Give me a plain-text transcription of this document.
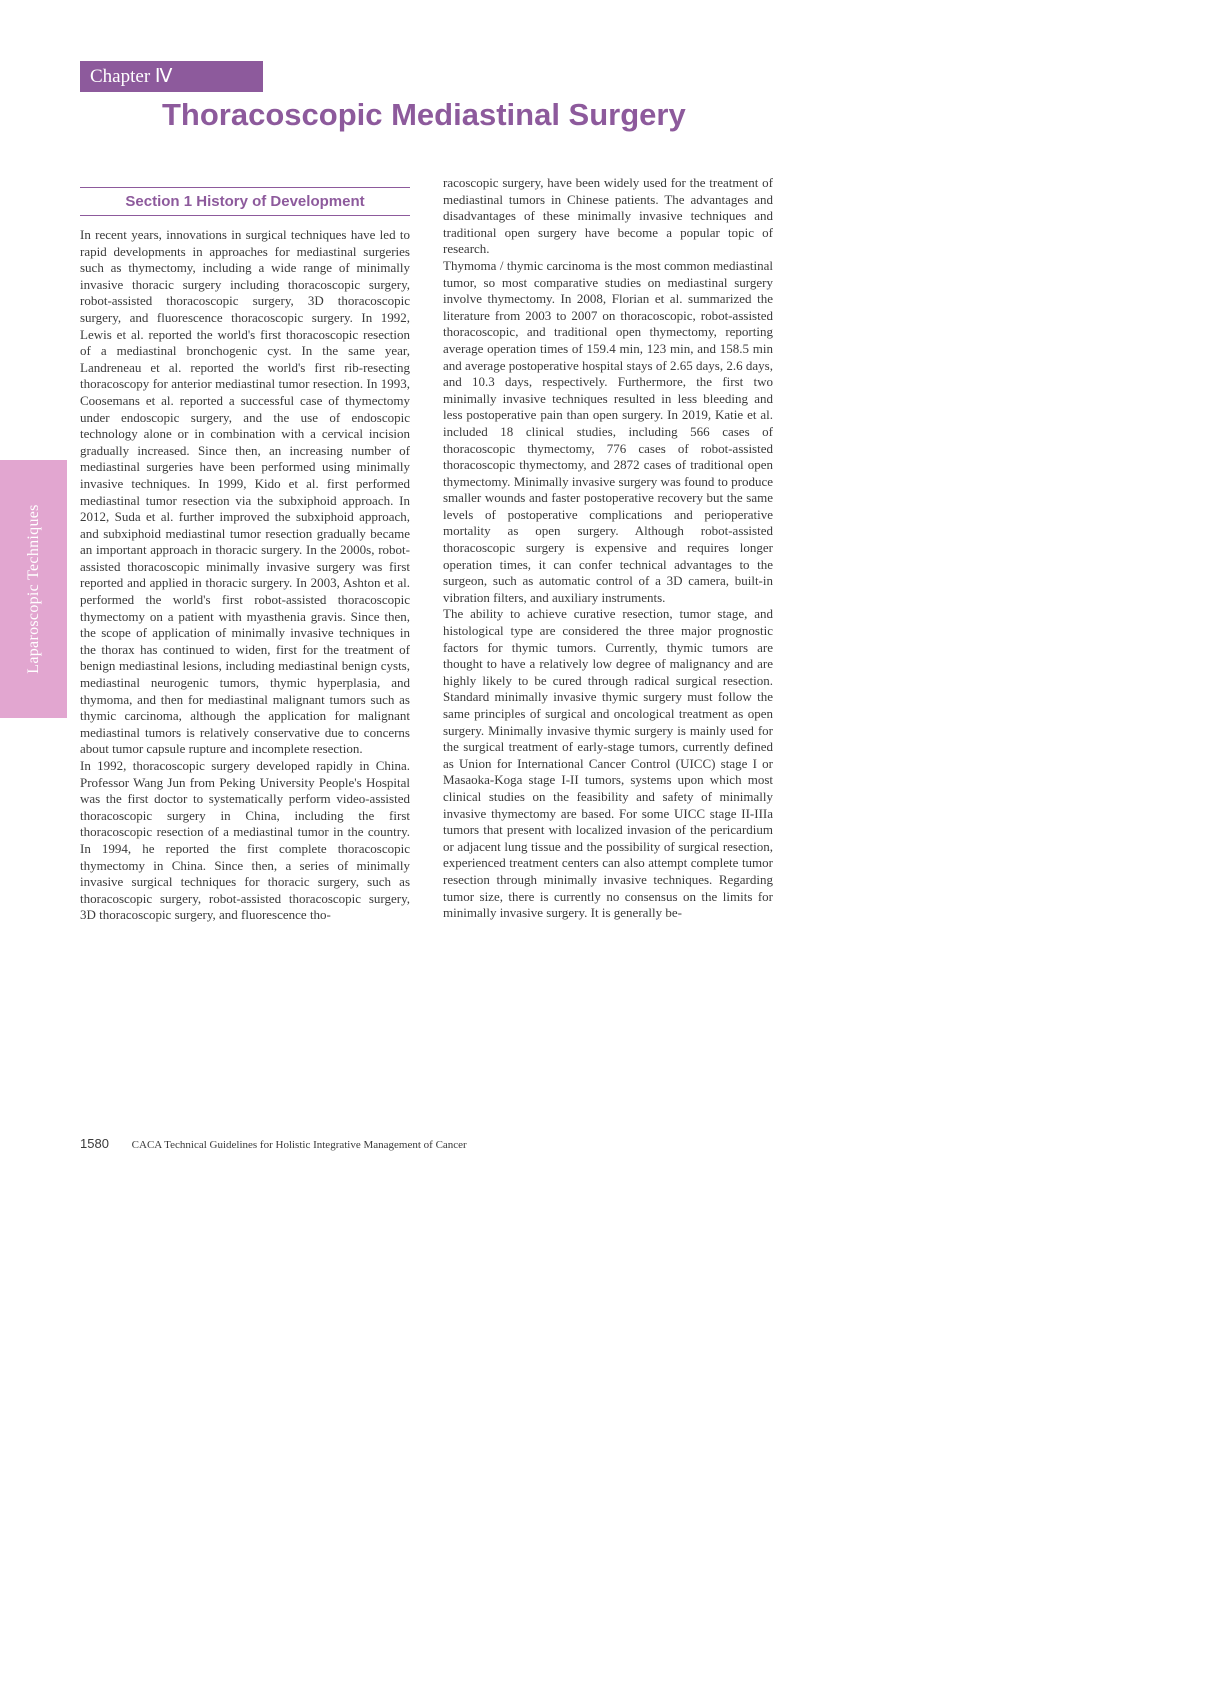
Chapter Ⅳ
Thoracoscopic Mediastinal Surgery
Laparoscopic Techniques
Section 1 History of Development

In recent years, innovations in surgical techniques have led to rapid developments in approaches for mediastinal surgeries such as thymectomy, including a wide range of minimally invasive thoracic surgery including thoracoscopic surgery, robot-assisted thoracoscopic surgery, 3D thoracoscopic surgery, and fluorescence thoracoscopic surgery. In 1992, Lewis et al. reported the world's first thoracoscopic resection of a mediastinal bronchogenic cyst. In the same year, Landreneau et al. reported the world's first rib-resecting thoracoscopy for anterior mediastinal tumor resection. In 1993, Coosemans et al. reported a successful case of thymectomy under endoscopic surgery, and the use of endoscopic technology alone or in combination with a cervical incision gradually increased. Since then, an increasing number of mediastinal surgeries have been performed using minimally invasive techniques. In 1999, Kido et al. first performed mediastinal tumor resection via the subxiphoid approach. In 2012, Suda et al. further improved the subxiphoid approach, and subxiphoid mediastinal tumor resection gradually became an important approach in thoracic surgery. In the 2000s, robot-assisted thoracoscopic minimally invasive surgery was first reported and applied in thoracic surgery. In 2003, Ashton et al. performed the world's first robot-assisted thoracoscopic thymectomy on a patient with myasthenia gravis. Since then, the scope of application of minimally invasive techniques in the thorax has continued to widen, first for the treatment of benign mediastinal lesions, including mediastinal benign cysts, mediastinal neurogenic tumors, thymic hyperplasia, and thymoma, and then for mediastinal malignant tumors such as thymic carcinoma, although the application for malignant mediastinal tumors is relatively conservative due to concerns about tumor capsule rupture and incomplete resection.

In 1992, thoracoscopic surgery developed rapidly in China. Professor Wang Jun from Peking University People's Hospital was the first doctor to systematically perform video-assisted thoracoscopic surgery in China, including the first thoracoscopic resection of a mediastinal tumor in the country. In 1994, he reported the first complete thoracoscopic thymectomy in China. Since then, a series of minimally invasive surgical techniques for thoracic surgery, such as thoracoscopic surgery, robot-assisted thoracoscopic surgery, 3D thoracoscopic surgery, and fluorescence tho-

racoscopic surgery, have been widely used for the treatment of mediastinal tumors in Chinese patients. The advantages and disadvantages of these minimally invasive techniques and traditional open surgery have become a popular topic of research.

Thymoma / thymic carcinoma is the most common mediastinal tumor, so most comparative studies on mediastinal surgery involve thymectomy. In 2008, Florian et al. summarized the literature from 2003 to 2007 on thoracoscopic, robot-assisted thoracoscopic, and traditional open thymectomy, reporting average operation times of 159.4 min, 123 min, and 158.5 min and average postoperative hospital stays of 2.65 days, 2.6 days, and 10.3 days, respectively. Furthermore, the first two minimally invasive techniques resulted in less bleeding and less postoperative pain than open surgery. In 2019, Katie et al. included 18 clinical studies, including 566 cases of thoracoscopic thymectomy, 776 cases of robot-assisted thoracoscopic thymectomy, and 2872 cases of traditional open thymectomy. Minimally invasive surgery was found to produce smaller wounds and faster postoperative recovery but the same levels of postoperative complications and perioperative mortality as open surgery. Although robot-assisted thoracoscopic surgery is expensive and requires longer operation times, it can confer technical advantages to the surgeon, such as automatic control of a 3D camera, built-in vibration filters, and auxiliary instruments.

The ability to achieve curative resection, tumor stage, and histological type are considered the three major prognostic factors for thymic tumors. Currently, thymic tumors are thought to have a relatively low degree of malignancy and are highly likely to be cured through radical surgical resection. Standard minimally invasive thymic surgery must follow the same principles of surgical and oncological treatment as open surgery. Minimally invasive thymic surgery is mainly used for the surgical treatment of early-stage tumors, currently defined as Union for International Cancer Control (UICC) stage I or Masaoka-Koga stage I-II tumors, systems upon which most clinical studies on the feasibility and safety of minimally invasive thymectomy are based. For some UICC stage II-IIIa tumors that present with localized invasion of the pericardium or adjacent lung tissue and the possibility of surgical resection, experienced treatment centers can also attempt complete tumor resection through minimally invasive techniques. Regarding tumor size, there is currently no consensus on the limits for minimally invasive surgery. It is generally be-

1580 CACA Technical Guidelines for Holistic Integrative Management of Cancer
